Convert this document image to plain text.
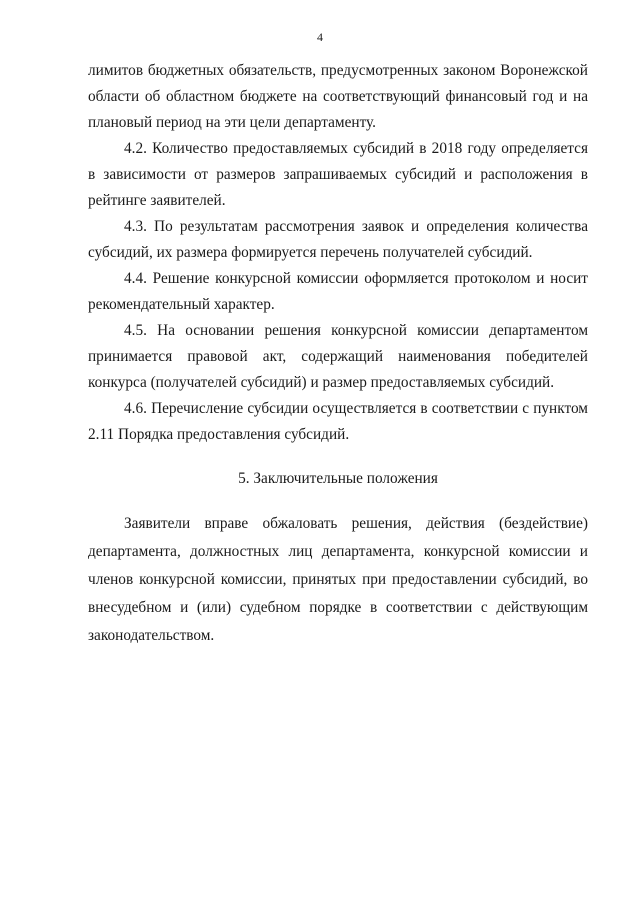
4

лимитов бюджетных обязательств, предусмотренных законом Воронежской области об областном бюджете на соответствующий финансовый год и на плановый период на эти цели департаменту.

4.2. Количество предоставляемых субсидий в 2018 году определяется в зависимости от размеров запрашиваемых субсидий и расположения в рейтинге заявителей.

4.3. По результатам рассмотрения заявок и определения количества субсидий, их размера формируется перечень получателей субсидий.

4.4. Решение конкурсной комиссии оформляется протоколом и носит рекомендательный характер.

4.5. На основании решения конкурсной комиссии департаментом принимается правовой акт, содержащий наименования победителей конкурса (получателей субсидий) и размер предоставляемых субсидий.

4.6. Перечисление субсидии осуществляется в соответствии с пунктом 2.11 Порядка предоставления субсидий.

5. Заключительные положения

Заявители вправе обжаловать решения, действия (бездействие) департамента, должностных лиц департамента, конкурсной комиссии и членов конкурсной комиссии, принятых при предоставлении субсидий, во внесудебном и (или) судебном порядке в соответствии с действующим законодательством.
